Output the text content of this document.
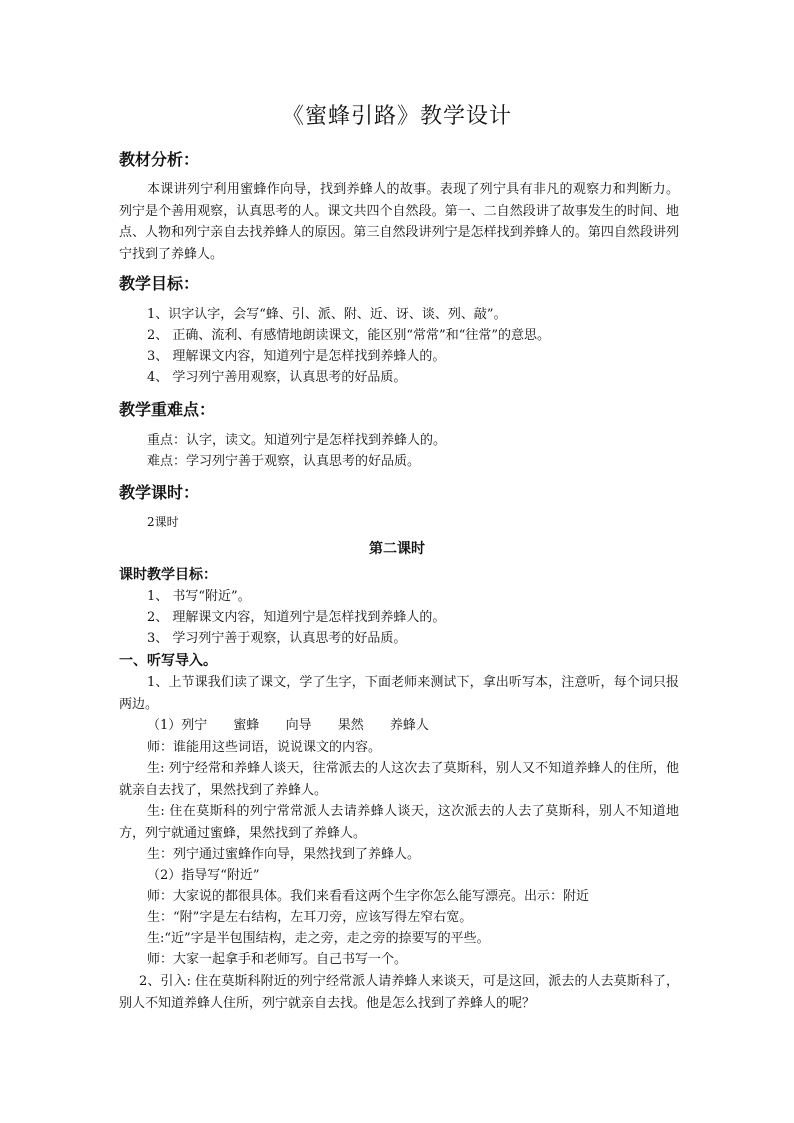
《蜜蜂引路》教学设计
教材分析：
本课讲列宁利用蜜蜂作向导，找到养蜂人的故事。表现了列宁具有非凡的观察力和判断力。列宁是个善用观察，认真思考的人。课文共四个自然段。第一、二自然段讲了故事发生的时间、地点、人物和列宁亲自去找养蜂人的原因。第三自然段讲列宁是怎样找到养蜂人的。第四自然段讲列宁找到了养蜂人。
教学目标：
1、识字认字，会写“蜂、引、派、附、近、讶、谈、列、敲”。
2、 正确、流利、有感情地朗读课文，能区别“常常”和“往常”的意思。
3、 理解课文内容，知道列宁是怎样找到养蜂人的。
4、 学习列宁善用观察，认真思考的好品质。
教学重难点：
重点：认字，读文。知道列宁是怎样找到养蜂人的。
难点：学习列宁善于观察，认真思考的好品质。
教学课时：
2课时
第二课时
课时教学目标：
1、 书写“附近”。
2、 理解课文内容，知道列宁是怎样找到养蜂人的。
3、 学习列宁善于观察，认真思考的好品质。
一、听写导入。
1、上节课我们读了课文，学了生字，下面老师来测试下，拿出听写本，注意听，每个词只报两边。
（1）列宁 蜜蜂 向导 果然 养蜂人
师：谁能用这些词语，说说课文的内容。
生: 列宁经常和养蜂人谈天，往常派去的人这次去了莫斯科，别人又不知道养蜂人的住所，他就亲自去找了，果然找到了养蜂人。
生: 住在莫斯科的列宁常常派人去请养蜂人谈天，这次派去的人去了莫斯科，别人不知道地方，列宁就通过蜜蜂，果然找到了养蜂人。
生：列宁通过蜜蜂作向导，果然找到了养蜂人。
（2）指导写“附近”
师：大家说的都很具体。我们来看看这两个生字你怎么能写漂亮。出示：附近
生：“附”字是左右结构，左耳刀旁，应该写得左窄右宽。
生:“近”字是半包围结构，走之旁，走之旁的捺要写的平些。
师：大家一起拿手和老师写。自己书写一个。
2、引入: 住在莫斯科附近的列宁经常派人请养蜂人来谈天，可是这回，派去的人去莫斯科了，别人不知道养蜂人住所，列宁就亲自去找。他是怎么找到了养蜂人的呢？
